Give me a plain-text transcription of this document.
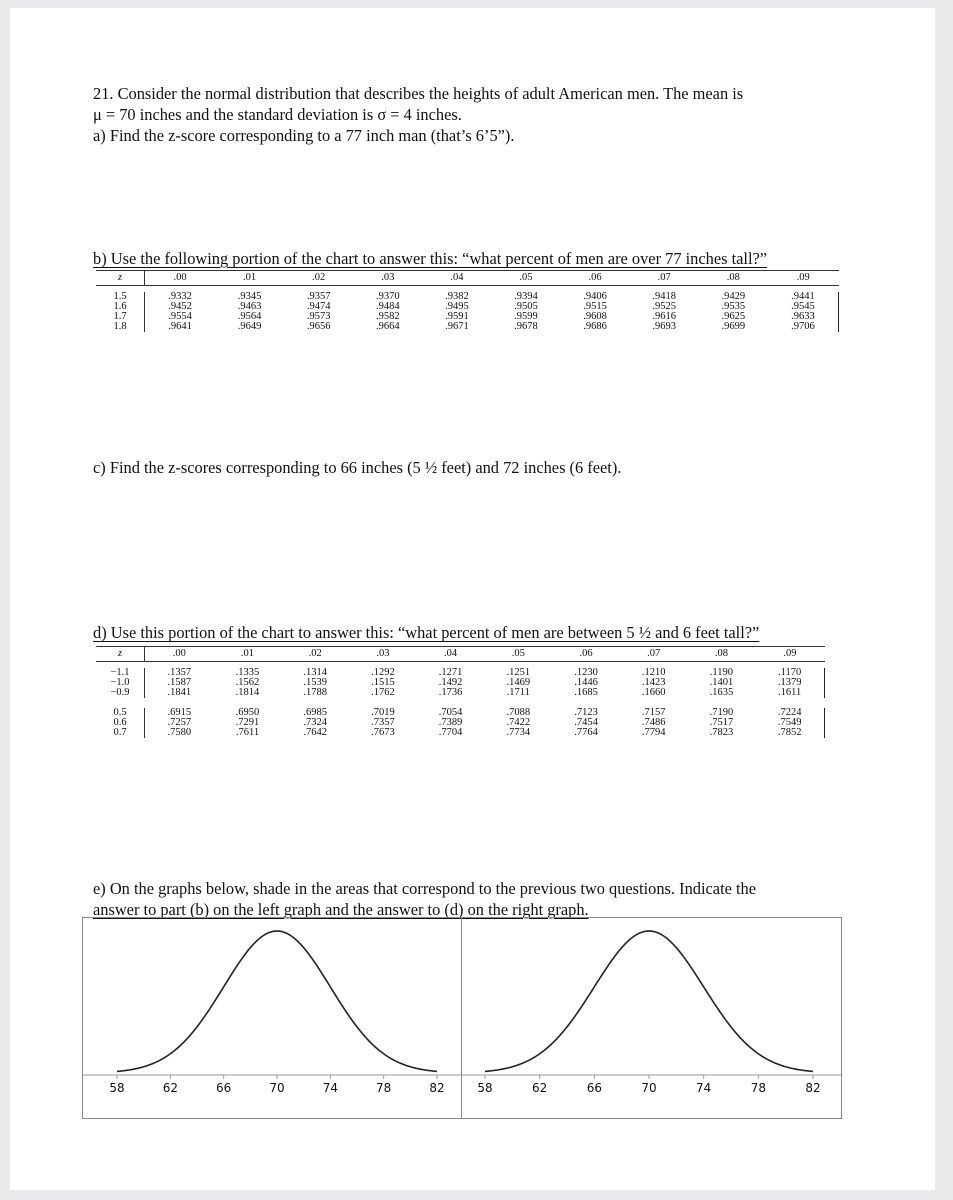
21. Consider the normal distribution that describes the heights of adult American men. The mean is
μ = 70 inches and the standard deviation is σ = 4 inches.
a) Find the z-score corresponding to a 77 inch man (that’s 6’5”).
b) Use the following portion of the chart to answer this: “what percent of men are over 77 inches tall?”
z	.00	.01	.02	.03	.04	.05	.06	.07	.08	.09

1.5	.9332	.9345	.9357	.9370	.9382	.9394	.9406	.9418	.9429	.9441
1.6	.9452	.9463	.9474	.9484	.9495	.9505	.9515	.9525	.9535	.9545
1.7	.9554	.9564	.9573	.9582	.9591	.9599	.9608	.9616	.9625	.9633
1.8	.9641	.9649	.9656	.9664	.9671	.9678	.9686	.9693	.9699	.9706
c) Find the z-scores corresponding to 66 inches (5 ½ feet) and 72 inches (6 feet).
d) Use this portion of the chart to answer this: “what percent of men are between 5 ½ and 6 feet tall?”
z	.00	.01	.02	.03	.04	.05	.06	.07	.08	.09

−1.1	.1357	.1335	.1314	.1292	.1271	.1251	.1230	.1210	.1190	.1170
−1.0	.1587	.1562	.1539	.1515	.1492	.1469	.1446	.1423	.1401	.1379
−0.9	.1841	.1814	.1788	.1762	.1736	.1711	.1685	.1660	.1635	.1611

0.5	.6915	.6950	.6985	.7019	.7054	.7088	.7123	.7157	.7190	.7224
0.6	.7257	.7291	.7324	.7357	.7389	.7422	.7454	.7486	.7517	.7549
0.7	.7580	.7611	.7642	.7673	.7704	.7734	.7764	.7794	.7823	.7852
e) On the graphs below, shade in the areas that correspond to the previous two questions. Indicate the
answer to part (b) on the left graph and the answer to (d) on the right graph.
58	62	66	70	74	78	82	58	62	66	70	74	78	82
